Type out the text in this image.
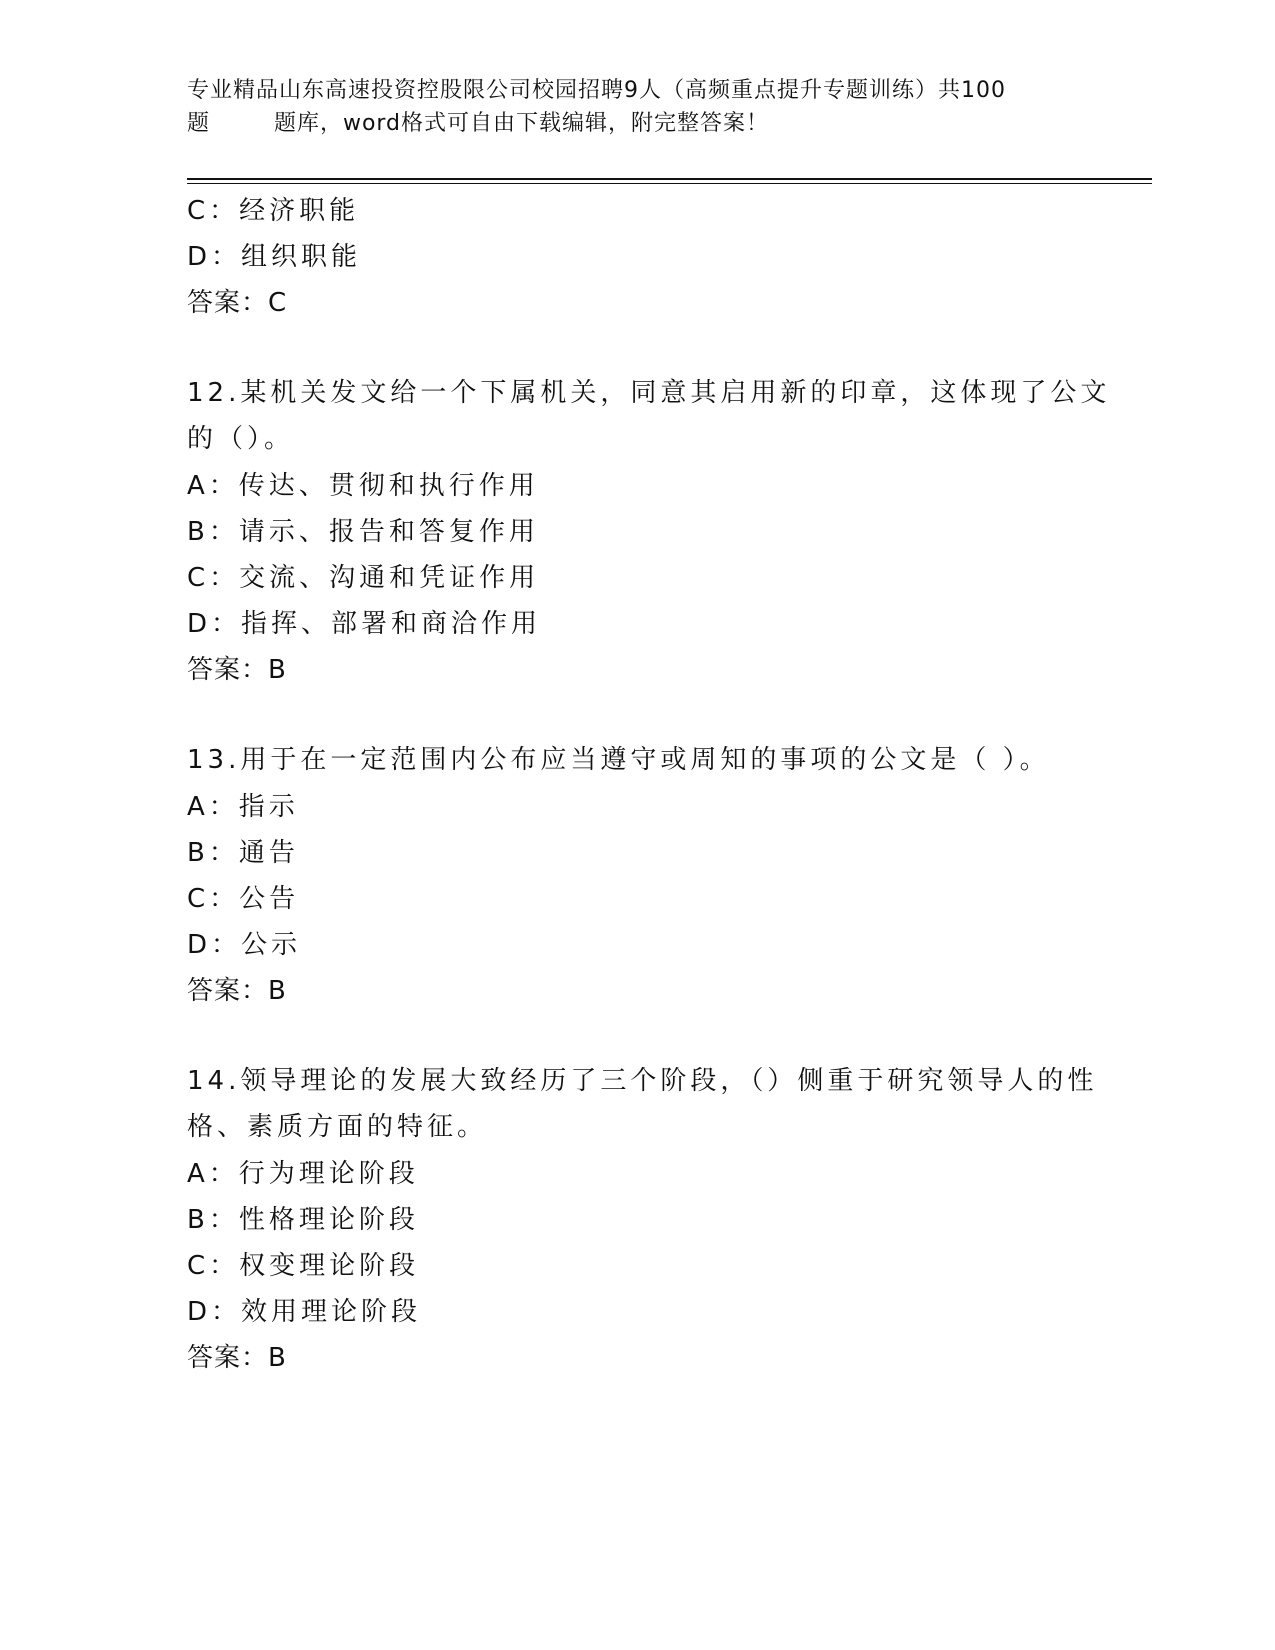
专业精品山东高速投资控股限公司校园招聘9人（高频重点提升专题训练）共100
题        题库，word格式可自由下载编辑，附完整答案！
C：经济职能
D：组织职能
答案：C
12.某机关发文给一个下属机关，同意其启用新的印章，这体现了公文
的（）。
A：传达、贯彻和执行作用
B：请示、报告和答复作用
C：交流、沟通和凭证作用
D：指挥、部署和商洽作用
答案：B
13.用于在一定范围内公布应当遵守或周知的事项的公文是（ ）。
A：指示
B：通告
C：公告
D：公示
答案：B
14.领导理论的发展大致经历了三个阶段，（）侧重于研究领导人的性
格、素质方面的特征。
A：行为理论阶段
B：性格理论阶段
C：权变理论阶段
D：效用理论阶段
答案：B
